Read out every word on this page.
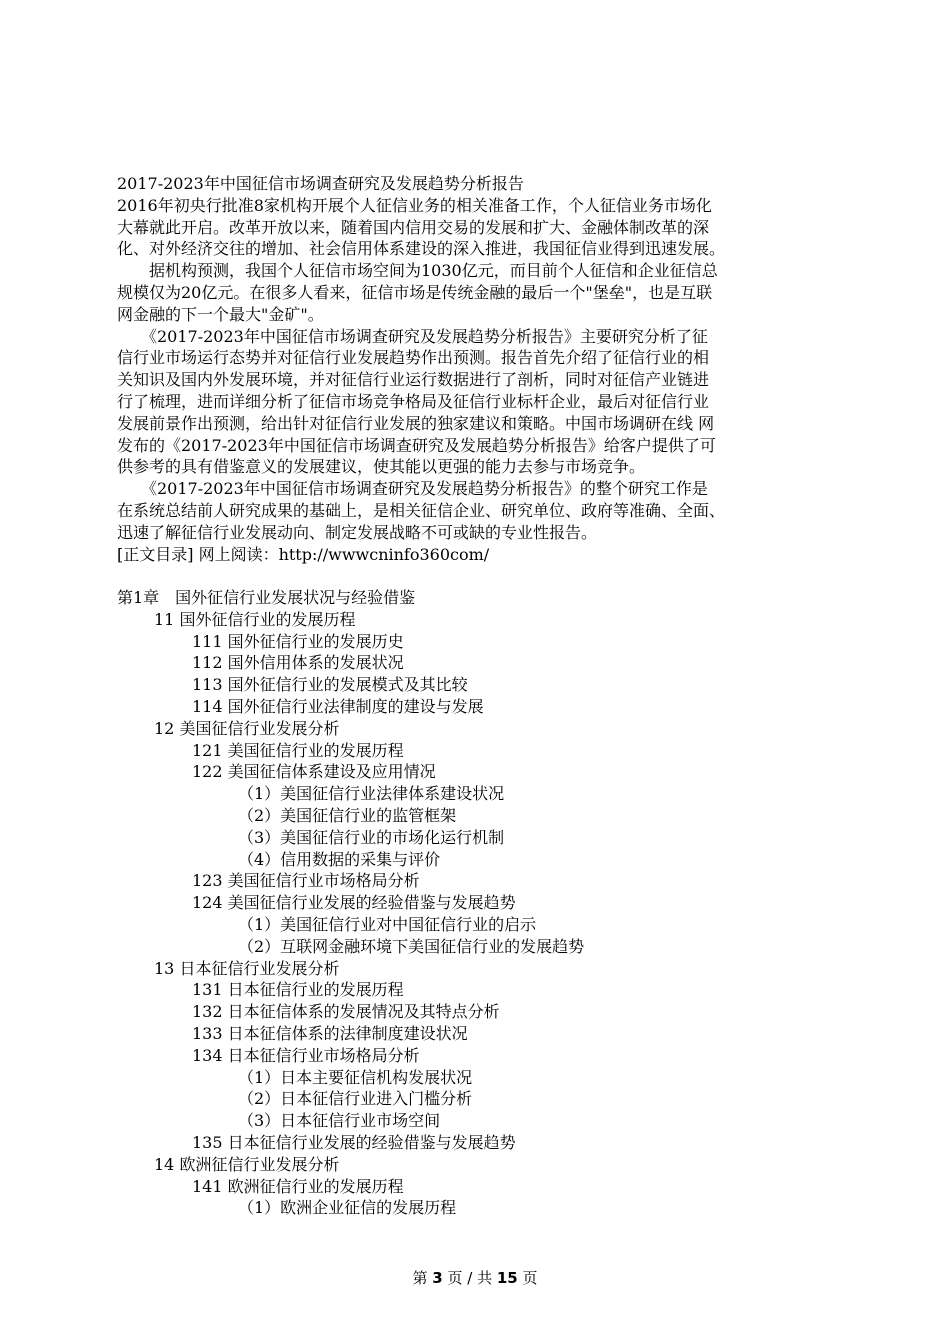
2017-2023年中国征信市场调查研究及发展趋势分析报告
2016年初央行批准8家机构开展个人征信业务的相关准备工作，个人征信业务市场化
大幕就此开启。改革开放以来，随着国内信用交易的发展和扩大、金融体制改革的深
化、对外经济交往的增加、社会信用体系建设的深入推进，我国征信业得到迅速发展。
　　据机构预测，我国个人征信市场空间为1030亿元，而目前个人征信和企业征信总
规模仅为20亿元。在很多人看来，征信市场是传统金融的最后一个"堡垒"，也是互联
网金融的下一个最大"金矿"。
　　《2017-2023年中国征信市场调查研究及发展趋势分析报告》主要研究分析了征
信行业市场运行态势并对征信行业发展趋势作出预测。报告首先介绍了征信行业的相
关知识及国内外发展环境，并对征信行业运行数据进行了剖析，同时对征信产业链进
行了梳理，进而详细分析了征信市场竞争格局及征信行业标杆企业，最后对征信行业
发展前景作出预测，给出针对征信行业发展的独家建议和策略。中国市场调研在线 网
发布的《2017-2023年中国征信市场调查研究及发展趋势分析报告》给客户提供了可
供参考的具有借鉴意义的发展建议，使其能以更强的能力去参与市场竞争。
　　《2017-2023年中国征信市场调查研究及发展趋势分析报告》的整个研究工作是
在系统总结前人研究成果的基础上，是相关征信企业、研究单位、政府等准确、全面、
迅速了解征信行业发展动向、制定发展战略不可或缺的专业性报告。
[正文目录] 网上阅读：http://wwwcninfo360com/
第1章　国外征信行业发展状况与经验借鉴
11 国外征信行业的发展历程
111 国外征信行业的发展历史
112 国外信用体系的发展状况
113 国外征信行业的发展模式及其比较
114 国外征信行业法律制度的建设与发展
12 美国征信行业发展分析
121 美国征信行业的发展历程
122 美国征信体系建设及应用情况
（1）美国征信行业法律体系建设状况
（2）美国征信行业的监管框架
（3）美国征信行业的市场化运行机制
（4）信用数据的采集与评价
123 美国征信行业市场格局分析
124 美国征信行业发展的经验借鉴与发展趋势
（1）美国征信行业对中国征信行业的启示
（2）互联网金融环境下美国征信行业的发展趋势
13 日本征信行业发展分析
131 日本征信行业的发展历程
132 日本征信体系的发展情况及其特点分析
133 日本征信体系的法律制度建设状况
134 日本征信行业市场格局分析
（1）日本主要征信机构发展状况
（2）日本征信行业进入门槛分析
（3）日本征信行业市场空间
135 日本征信行业发展的经验借鉴与发展趋势
14 欧洲征信行业发展分析
141 欧洲征信行业的发展历程
（1）欧洲企业征信的发展历程
第 3 页 / 共 15 页
